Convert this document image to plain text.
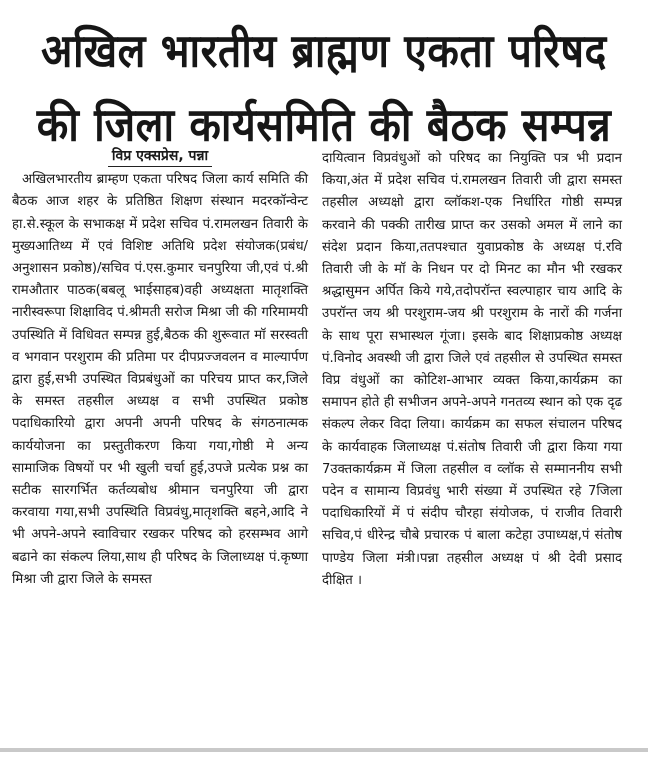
अखिल भारतीय ब्राह्मण एकता परिषद
की जिला कार्यसमिति की बैठक सम्पन्न
विप्र एक्सप्रेस, पन्ना

अखिलभारतीय ब्राम्हण एकता परिषद जिला कार्य समिति की बैठक आज शहर के प्रतिष्ठित शिक्षण संस्थान मदरकॉन्वेन्ट हा.से.स्कूल के सभाकक्ष में प्रदेश सचिव पं.रामलखन तिवारी के मुख्यआतिथ्य में एवं विशिष्ट अतिथि प्रदेश संयोजक(प्रबंध/अनुशासन प्रकोष्ठ)/सचिव पं.एस.कुमार चनपुरिया जी,एवं पं.श्री रामऔतार पाठक(बबलू भाईसाहब)वही अध्यक्षता मातृशक्ति नारीस्वरूपा शिक्षाविद पं.श्रीमती सरोज मिश्रा जी की गरिमामयी उपस्थिति में विधिवत सम्पन्न हुई,बैठक की शुरूवात मॉ सरस्वती व भगवान परशुराम की प्रतिमा पर दीपप्रज्जवलन व माल्यार्पण द्वारा हुई,सभी उपस्थित विप्रबंधुओं का परिचय प्राप्त कर,जिले के समस्त तहसील अध्यक्ष व सभी उपस्थित प्रकोष्ठ पदाधिकारियो द्वारा अपनी अपनी परिषद के संगठनात्मक कार्ययोजना का प्रस्तुतीकरण किया गया,गोष्ठी मे अन्य सामाजिक विषयों पर भी खुली चर्चा हुई,उपजे प्रत्येक प्रश्न का सटीक सारगर्भित कर्तव्यबोध श्रीमान चनपुरिया जी द्वारा करवाया गया,सभी उपस्थिति विप्रवंधु,मातृशक्ति बहने,आदि ने भी अपने-अपने स्वाविचार रखकर परिषद को हरसम्भव आगे बढाने का संकल्प लिया,साथ ही परिषद के जिलाध्यक्ष पं.कृष्णा मिश्रा जी द्वारा जिले के समस्त

दायित्वान विप्रवंधुओं को परिषद का नियुक्ति पत्र भी प्रदान किया,अंत में प्रदेश सचिव पं.रामलखन तिवारी जी द्वारा समस्त तहसील अध्यक्षो द्वारा व्लॉकश-एक निर्धारित गोष्ठी सम्पन्न करवाने की पक्की तारीख प्राप्त कर उसको अमल में लाने का संदेश प्रदान किया,ततपश्चात युवाप्रकोष्ठ के अध्यक्ष पं.रवि तिवारी जी के मॉ के निधन पर दो मिनट का मौन भी रखकर श्रद्धासुमन अर्पित किये गये,तदोपरॉन्त स्वल्पाहार चाय आदि के उपरॉन्त जय श्री परशुराम-जय श्री परशुराम के नारों की गर्जना के साथ पूरा सभास्थल गूंजा। इसके बाद शिक्षाप्रकोष्ठ अध्यक्ष पं.विनोद अवस्थी जी द्वारा जिले एवं तहसील से उपस्थित समस्त विप्र वंधुओं का कोटिश-आभार व्यक्त किया,कार्यक्रम का समापन होते ही सभीजन अपने-अपने गनतव्य स्थान को एक दृढ संकल्प लेकर विदा लिया। कार्यक्रम का सफल संचालन परिषद के कार्यवाहक जिलाध्यक्ष पं.संतोष तिवारी जी द्वारा किया गया 7उक्तकार्यक्रम में जिला तहसील व व्लॉक से सम्माननीय सभी पदेन व सामान्य विप्रवंधु भारी संख्या में उपस्थित रहे 7जिला पदाधिकारियों में पं संदीप चौरहा संयोजक, पं राजीव तिवारी सचिव,पं धीरेन्द्र चौबे प्रचारक पं बाला कटेहा उपाध्यक्ष,पं संतोष पाण्डेय जिला मंत्री।पन्ना तहसील अध्यक्ष पं श्री देवी प्रसाद दीक्षित ।
